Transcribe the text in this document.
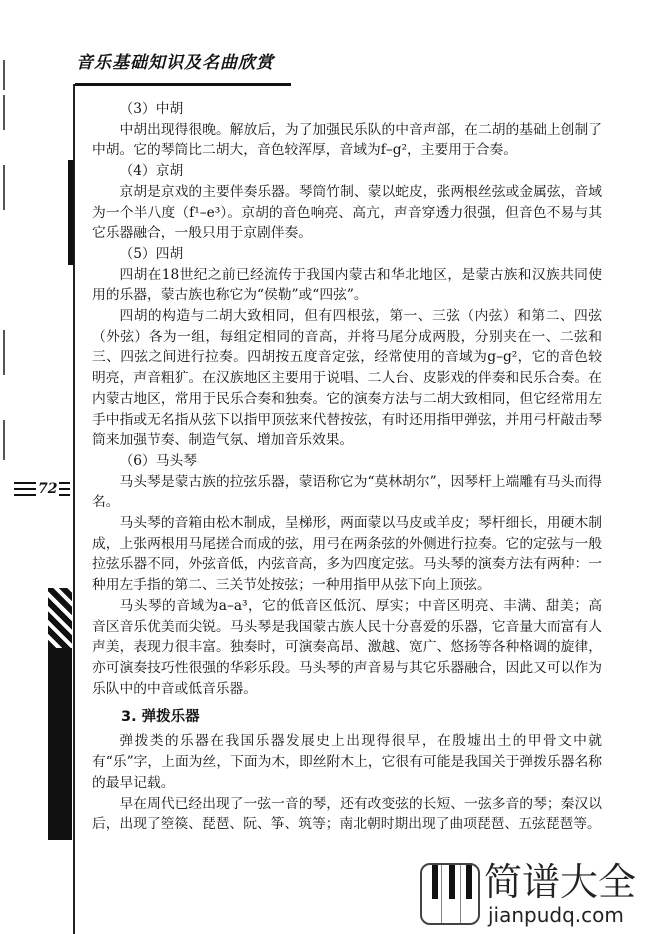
音乐基础知识及名曲欣赏
72
（3）中胡

中胡出现得很晚。解放后，为了加强民乐队的中音声部，在二胡的基础上创制了中胡。它的琴筒比二胡大，音色较浑厚，音域为f–g²，主要用于合奏。

（4）京胡

京胡是京戏的主要伴奏乐器。琴筒竹制、蒙以蛇皮，张两根丝弦或金属弦，音域为一个半八度（f¹–e³）。京胡的音色响亮、高亢，声音穿透力很强，但音色不易与其它乐器融合，一般只用于京剧伴奏。

（5）四胡

四胡在18世纪之前已经流传于我国内蒙古和华北地区，是蒙古族和汉族共同使用的乐器，蒙古族也称它为“侯勒”或“四弦”。

四胡的构造与二胡大致相同，但有四根弦，第一、三弦（内弦）和第二、四弦（外弦）各为一组，每组定相同的音高，并将马尾分成两股，分别夹在一、二弦和三、四弦之间进行拉奏。四胡按五度音定弦，经常使用的音域为g–g²，它的音色较明亮，声音粗犷。在汉族地区主要用于说唱、二人台、皮影戏的伴奏和民乐合奏。在内蒙古地区，常用于民乐合奏和独奏。它的演奏方法与二胡大致相同，但它经常用左手中指或无名指从弦下以指甲顶弦来代替按弦，有时还用指甲弹弦，并用弓杆敲击琴筒来加强节奏、制造气氛、增加音乐效果。

（6）马头琴

马头琴是蒙古族的拉弦乐器，蒙语称它为“莫林胡尔”，因琴杆上端雕有马头而得名。

马头琴的音箱由松木制成，呈梯形，两面蒙以马皮或羊皮；琴杆细长，用硬木制成，上张两根用马尾搓合而成的弦，用弓在两条弦的外侧进行拉奏。它的定弦与一般拉弦乐器不同，外弦音低，内弦音高，多为四度定弦。马头琴的演奏方法有两种：一种用左手指的第二、三关节处按弦；一种用指甲从弦下向上顶弦。

马头琴的音域为a–a³，它的低音区低沉、厚实；中音区明亮、丰满、甜美；高音区音乐优美而尖锐。马头琴是我国蒙古族人民十分喜爱的乐器，它音量大而富有人声美，表现力很丰富。独奏时，可演奏高昂、激越、宽广、悠扬等各种格调的旋律，亦可演奏技巧性很强的华彩乐段。马头琴的声音易与其它乐器融合，因此又可以作为乐队中的中音或低音乐器。

3. 弹拨乐器

弹拨类的乐器在我国乐器发展史上出现得很早，在殷墟出土的甲骨文中就有“乐”字，上面为丝，下面为木，即丝附木上，它很有可能是我国关于弹拨乐器名称的最早记载。

早在周代已经出现了一弦一音的琴，还有改变弦的长短、一弦多音的琴；秦汉以后，出现了箜篌、琵琶、阮、筝、筑等；南北朝时期出现了曲项琵琶、五弦琵琶等。

简谱大全
jianpudq.com
